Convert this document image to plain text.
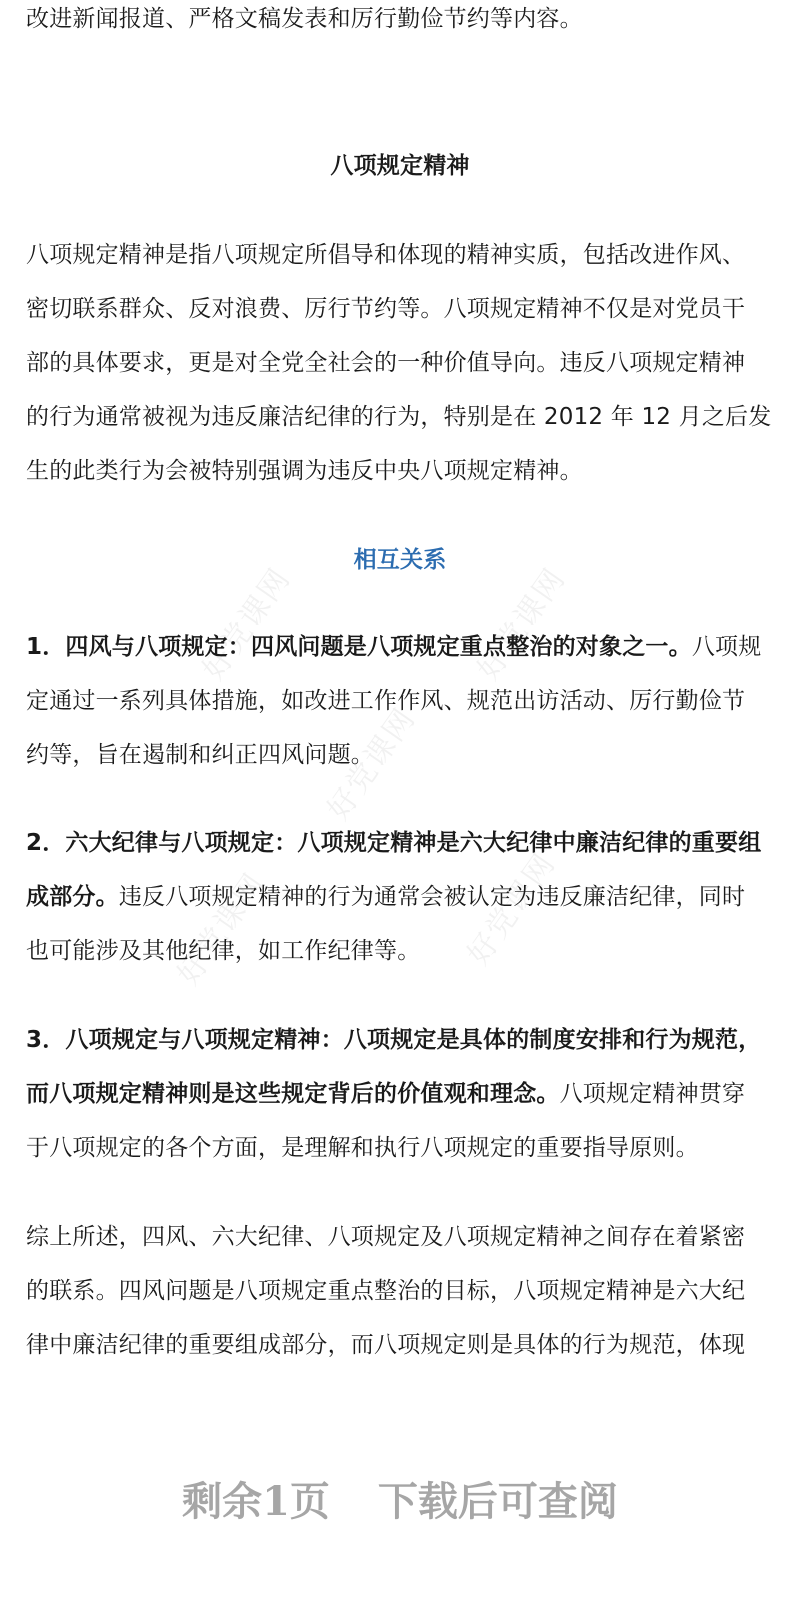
好党课网	好党课网
好党课网
好党课网	好党课网
改进新闻报道、严格文稿发表和厉行勤俭节约等内容。
八项规定精神
八项规定精神是指八项规定所倡导和体现的精神实质，包括改进作风、
密切联系群众、反对浪费、厉行节约等。八项规定精神不仅是对党员干
部的具体要求，更是对全党全社会的一种价值导向。违反八项规定精神
的行为通常被视为违反廉洁纪律的行为，特别是在 2012 年 12 月之后发
生的此类行为会被特别强调为违反中央八项规定精神。
相互关系
1．四风与八项规定：四风问题是八项规定重点整治的对象之一。八项规
定通过一系列具体措施，如改进工作作风、规范出访活动、厉行勤俭节
约等，旨在遏制和纠正四风问题。
2．六大纪律与八项规定：八项规定精神是六大纪律中廉洁纪律的重要组
成部分。违反八项规定精神的行为通常会被认定为违反廉洁纪律，同时
也可能涉及其他纪律，如工作纪律等。
3．八项规定与八项规定精神：八项规定是具体的制度安排和行为规范，
而八项规定精神则是这些规定背后的价值观和理念。八项规定精神贯穿
于八项规定的各个方面，是理解和执行八项规定的重要指导原则。
综上所述，四风、六大纪律、八项规定及八项规定精神之间存在着紧密
的联系。四风问题是八项规定重点整治的目标，八项规定精神是六大纪
律中廉洁纪律的重要组成部分，而八项规定则是具体的行为规范，体现
剩余1页 下载后可查阅
